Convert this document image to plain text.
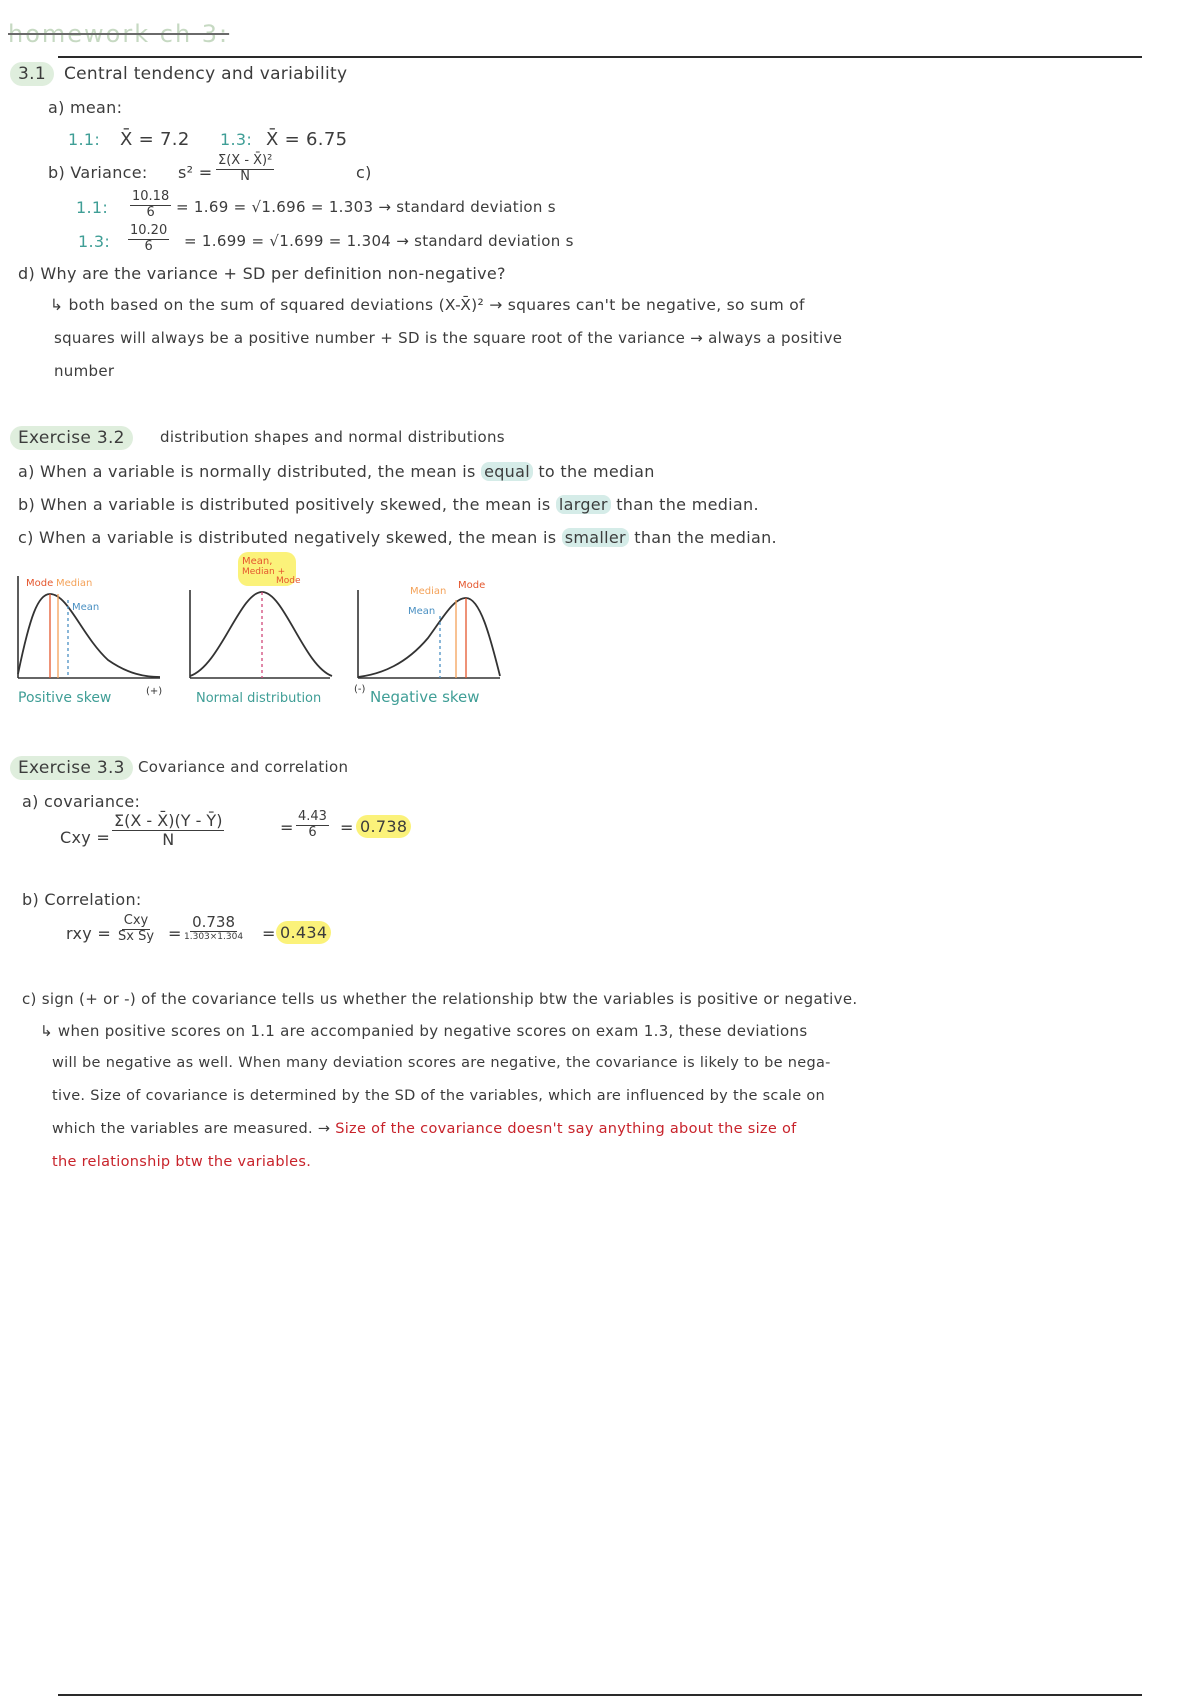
homework ch 3:
3.1	Central tendency and variability
a) mean:
1.1: X̄ = 7.2 1.3: X̄ = 6.75
b) Variance: $s^2 = \frac{\text{Σ(X - X̄)²}}{N}$	c)
1.1: $\frac{10.18}{6} = 1.69 = √1.696 = 1.303$ → standard deviation s
1.3: $\frac{10.20}{6} = 1.699 = √1.699 = 1.304$ → standard deviation s
d) Why are the variance + SD per definition non-negative?
↳ both based on the sum of squared deviations (X-X̄)² → squares can't be negative, so sum of
squares will always be a positive number + SD is the square root of the variance → always a positive
number
Exercise 3.2	distribution shapes and normal distributions
a) When a variable is normally distributed, the mean is equal to the median
b) When a variable is distributed positively skewed, the mean is larger than the median.
c) When a variable is distributed negatively skewed, the mean is smaller than the median.
Mode Median
Mean
Positive skew	(+)
Mean,
Median +
Mode
Normal distribution
Median
Mode
Mean
(-) Negative skew
Exercise 3.3 Covariance and correlation
a) covariance:
Cxy = $\frac{\Sigma(X - X̄)(Y - Ȳ)}{N}$	= $\frac{4.43}{6} = 0.738$
b) Correlation:
rxy =
Cxy
Sx Sy =
0.738
1.303×1.304 = 0.434
c) sign (+ or -) of the covariance tells us whether the relationship btw the variables is positive or negative.
↳ when positive scores on 1.1 are accompanied by negative scores on exam 1.3, these deviations
will be negative as well. When many deviation scores are negative, the covariance is likely to be nega-
tive. Size of covariance is determined by the SD of the variables, which are influenced by the scale on
which the variables are measured. → Size of the covariance doesn't say anything about the size of
the relationship btw the variables.
